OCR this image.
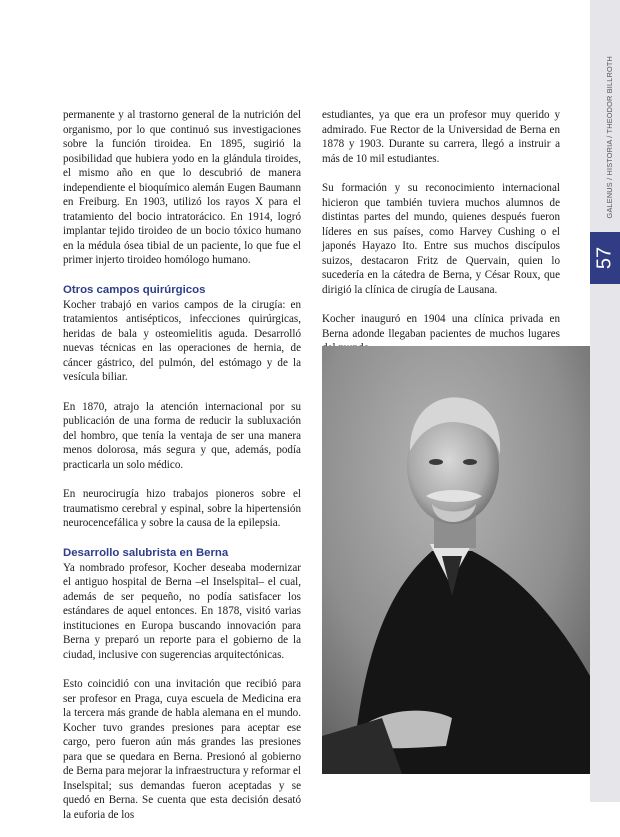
GALENUS / HISTORIA / THEODOR BILLROTH
57

permanente y al trastorno general de la nutrición del organismo, por lo que continuó sus investigaciones sobre la función tiroidea. En 1895, sugirió la posibilidad que hubiera yodo en la glándula tiroides, el mismo año en que lo descubrió de manera independiente el bioquímico alemán Eugen Baumann en Freiburg. En 1903, utilizó los rayos X para el tratamiento del bocio intratorácico. En 1914, logró implantar tejido tiroideo de un bocio tóxico humano en la médula ósea tibial de un paciente, lo que fue el primer injerto tiroideo homólogo humano.

Otros campos quirúrgicos

Kocher trabajó en varios campos de la cirugía: en tratamientos antisépticos, infecciones quirúrgicas, heridas de bala y osteomielitis aguda. Desarrolló nuevas técnicas en las operaciones de hernia, de cáncer gástrico, del pulmón, del estómago y de la vesícula biliar.

En 1870, atrajo la atención internacional por su publicación de una forma de reducir la subluxación del hombro, que tenía la ventaja de ser una manera menos dolorosa, más segura y que, además, podía practicarla un solo médico.

En neurocirugía hizo trabajos pioneros sobre el traumatismo cerebral y espinal, sobre la hipertensión neurocencefálica y sobre la causa de la epilepsia.

Desarrollo salubrista en Berna

Ya nombrado profesor, Kocher deseaba modernizar el antiguo hospital de Berna –el Inselspital– el cual, además de ser pequeño, no podía satisfacer los estándares de aquel entonces. En 1878, visitó varias instituciones en Europa buscando innovación para Berna y preparó un reporte para el gobierno de la ciudad, inclusive con sugerencias arquitectónicas.

Esto coincidió con una invitación que recibió para ser profesor en Praga, cuya escuela de Medicina era la tercera más grande de habla alemana en el mundo. Kocher tuvo grandes presiones para aceptar ese cargo, pero fueron aún más grandes las presiones para que se quedara en Berna. Presionó al gobierno de Berna para mejorar la infraestructura y reformar el Inselspital; sus demandas fueron aceptadas y se quedó en Berna. Se cuenta que esta decisión desató la euforia de los

estudiantes, ya que era un profesor muy querido y admirado. Fue Rector de la Universidad de Berna en 1878 y 1903. Durante su carrera, llegó a instruir a más de 10 mil estudiantes.

Su formación y su reconocimiento internacional hicieron que también tuviera muchos alumnos de distintas partes del mundo, quienes después fueron líderes en sus países, como Harvey Cushing o el japonés Hayazo Ito. Entre sus muchos discípulos suizos, destacaron Fritz de Quervain, quien lo sucedería en la cátedra de Berna, y César Roux, que dirigió la clínica de cirugía de Lausana.

Kocher inauguró en 1904 una clínica privada en Berna adonde llegaban pacientes de muchos lugares
